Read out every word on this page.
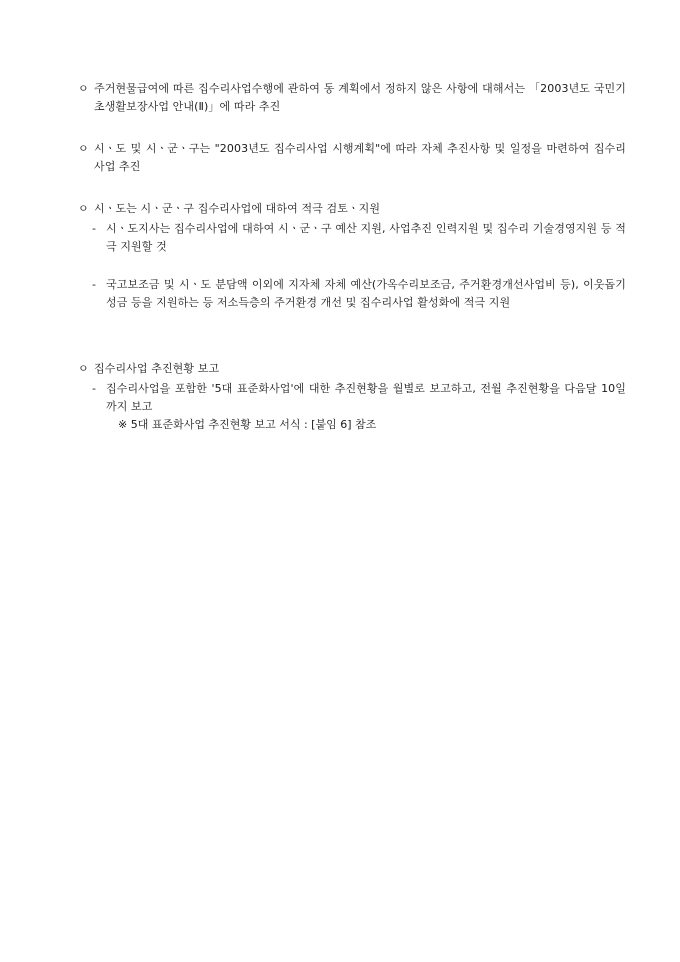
ㅇ 주거현물급여에 따른 집수리사업수행에 관하여 동 계획에서 정하지 않은 사항에 대해서는 「2003년도 국민기초생활보장사업 안내(Ⅱ)」에 따라 추진
ㅇ 시ㆍ도 및 시ㆍ군ㆍ구는 "2003년도 집수리사업 시행계획"에 따라 자체 추진사항 및 일정을 마련하여 집수리사업 추진
ㅇ 시ㆍ도는 시ㆍ군ㆍ구 집수리사업에 대하여 적극 검토ㆍ지원
- 시ㆍ도지사는 집수리사업에 대하여 시ㆍ군ㆍ구 예산 지원, 사업추진 인력지원 및 집수리 기술경영지원 등 적극 지원할 것
- 국고보조금 및 시ㆍ도 분담액 이외에 지자체 자체 예산(가옥수리보조금, 주거환경개선사업비 등), 이웃돕기 성금 등을 지원하는 등 저소득층의 주거환경 개선 및 집수리사업 활성화에 적극 지원
ㅇ 집수리사업 추진현황 보고
- 집수리사업을 포함한 '5대 표준화사업'에 대한 추진현황을 월별로 보고하고, 전월 추진현황을 다음달 10일까지 보고
※ 5대 표준화사업 추진현황 보고 서식 : [붙임 6] 참조
